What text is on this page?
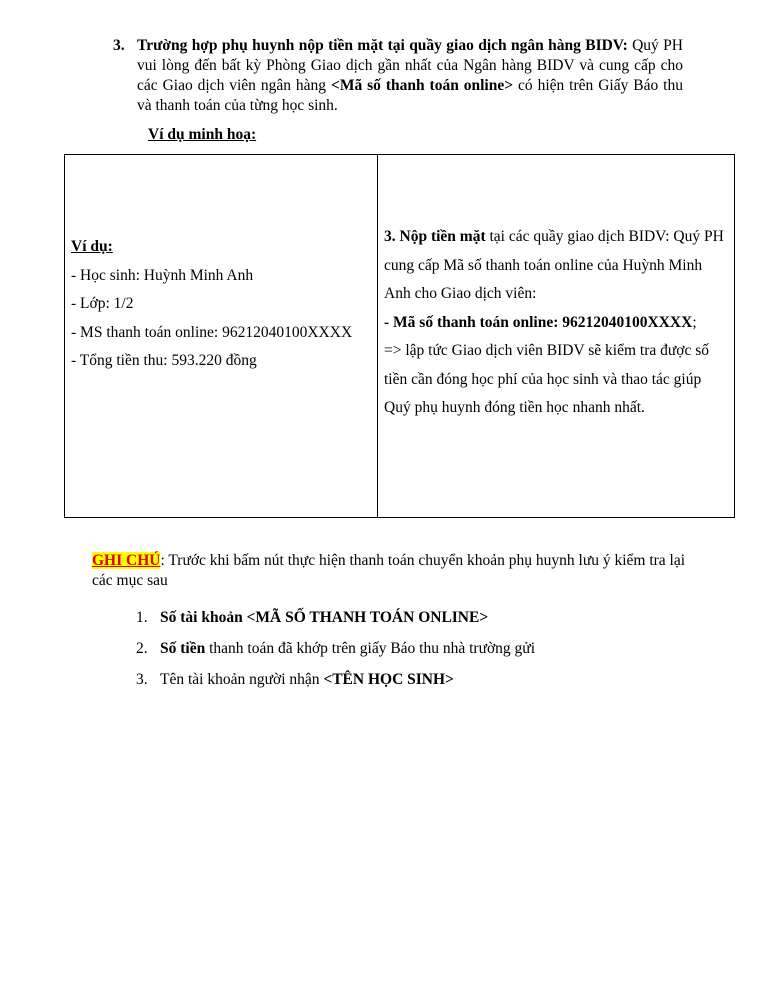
3. Trường hợp phụ huynh nộp tiền mặt tại quầy giao dịch ngân hàng BIDV: Quý PH vui lòng đến bất kỳ Phòng Giao dịch gần nhất của Ngân hàng BIDV và cung cấp cho các Giao dịch viên ngân hàng <Mã số thanh toán online> có hiện trên Giấy Báo thu và thanh toán của từng học sinh.
Ví dụ minh hoạ:
Ví dụ:
- Học sinh: Huỳnh Minh Anh
- Lớp: 1/2
- MS thanh toán online: 96212040100XXXX
- Tổng tiền thu: 593.220 đồng
3. Nộp tiền mặt tại các quầy giao dịch BIDV: Quý PH cung cấp Mã số thanh toán online của Huỳnh Minh Anh cho Giao dịch viên:
- Mã số thanh toán online: 96212040100XXXX;
=> lập tức Giao dịch viên BIDV sẽ kiểm tra được số tiền cần đóng học phí của học sinh và thao tác giúp Quý phụ huynh đóng tiền học nhanh nhất.
GHI CHÚ: Trước khi bấm nút thực hiện thanh toán chuyển khoản phụ huynh lưu ý kiểm tra lại các mục sau
1. Số tài khoản <MÃ SỐ THANH TOÁN ONLINE>
2. Số tiền thanh toán đã khớp trên giấy Báo thu nhà trường gửi
3. Tên tài khoản người nhận <TÊN HỌC SINH>
